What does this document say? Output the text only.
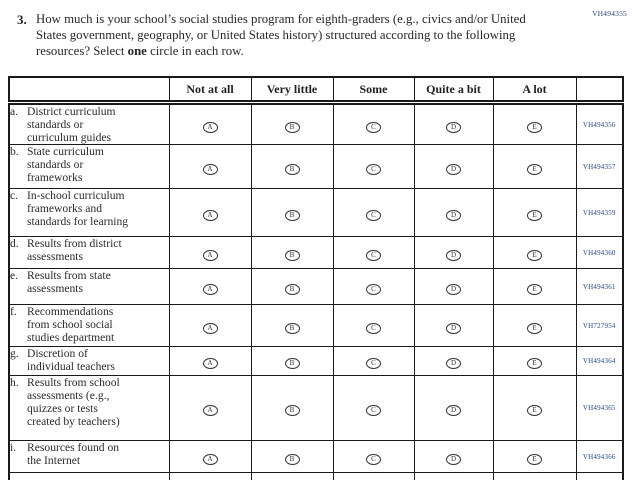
3. How much is your school’s social studies program for eighth-graders (e.g., civics and/or United States government, geography, or United States history) structured according to the following resources? Select one circle in each row.
VH494355
	Not at all	Very little	Some	Quite a bit	A lot	

a. District curriculum
standards or
curriculum guides	A	B	C	D	E	VH494356

b. State curriculum
standards or
frameworks	A	B	C	D	E	VH494357

c. In-school curriculum
frameworks and
standards for learning	A	B	C	D	E	VH494359

d. Results from district
assessments	A	B	C	D	E	VH494360

e. Results from state
assessments	A	B	C	D	E	VH494361

f. Recommendations
from school social
studies department	A	B	C	D	E	VH727954

g. Discretion of
individual teachers	A	B	C	D	E	VH494364

h. Results from school
assessments (e.g.,
quizzes or tests
created by teachers)	A	B	C	D	E	VH494365

i. Resources found on
the Internet	A	B	C	D	E	VH494366
